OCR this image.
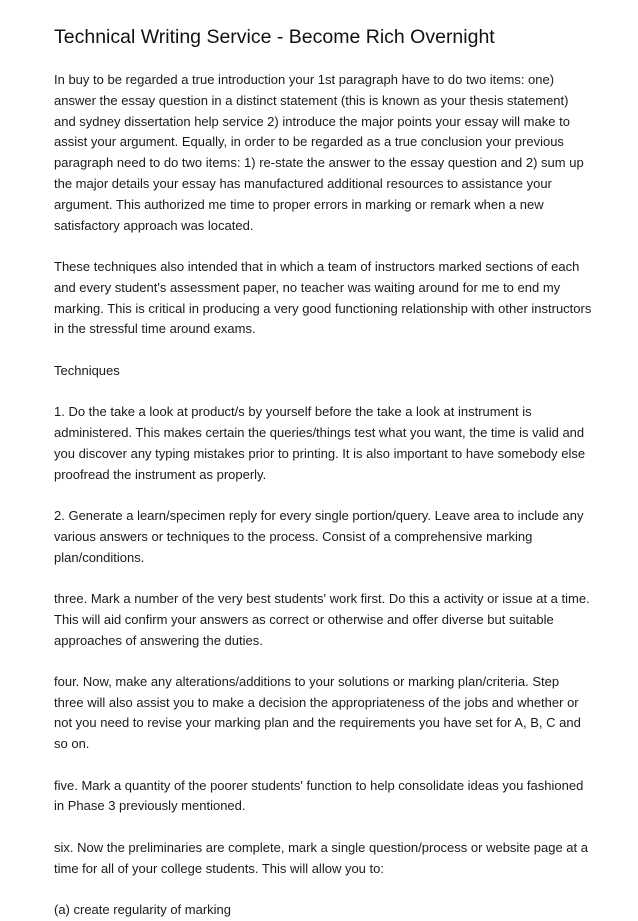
Technical Writing Service - Become Rich Overnight

In buy to be regarded a true introduction your 1st paragraph have to do two items: one) answer the essay question in a distinct statement (this is known as your thesis statement) and sydney dissertation help service 2) introduce the major points your essay will make to assist your argument. Equally, in order to be regarded as a true conclusion your previous paragraph need to do two items: 1) re-state the answer to the essay question and 2) sum up the major details your essay has manufactured additional resources to assistance your argument. This authorized me time to proper errors in marking or remark when a new satisfactory approach was located.

These techniques also intended that in which a team of instructors marked sections of each and every student's assessment paper, no teacher was waiting around for me to end my marking. This is critical in producing a very good functioning relationship with other instructors in the stressful time around exams.

Techniques

1. Do the take a look at product/s by yourself before the take a look at instrument is administered. This makes certain the queries/things test what you want, the time is valid and you discover any typing mistakes prior to printing. It is also important to have somebody else proofread the instrument as properly.

2. Generate a learn/specimen reply for every single portion/query. Leave area to include any various answers or techniques to the process. Consist of a comprehensive marking plan/conditions.

three. Mark a number of the very best students' work first. Do this a activity or issue at a time. This will aid confirm your answers as correct or otherwise and offer diverse but suitable approaches of answering the duties.

four. Now, make any alterations/additions to your solutions or marking plan/criteria. Step three will also assist you to make a decision the appropriateness of the jobs and whether or not you need to revise your marking plan and the requirements you have set for A, B, C and so on.

five. Mark a quantity of the poorer students' function to help consolidate ideas you fashioned in Phase 3 previously mentioned.

six. Now the preliminaries are complete, mark a single question/process or website page at a time for all of your college students. This will allow you to:

(a) create regularity of marking
